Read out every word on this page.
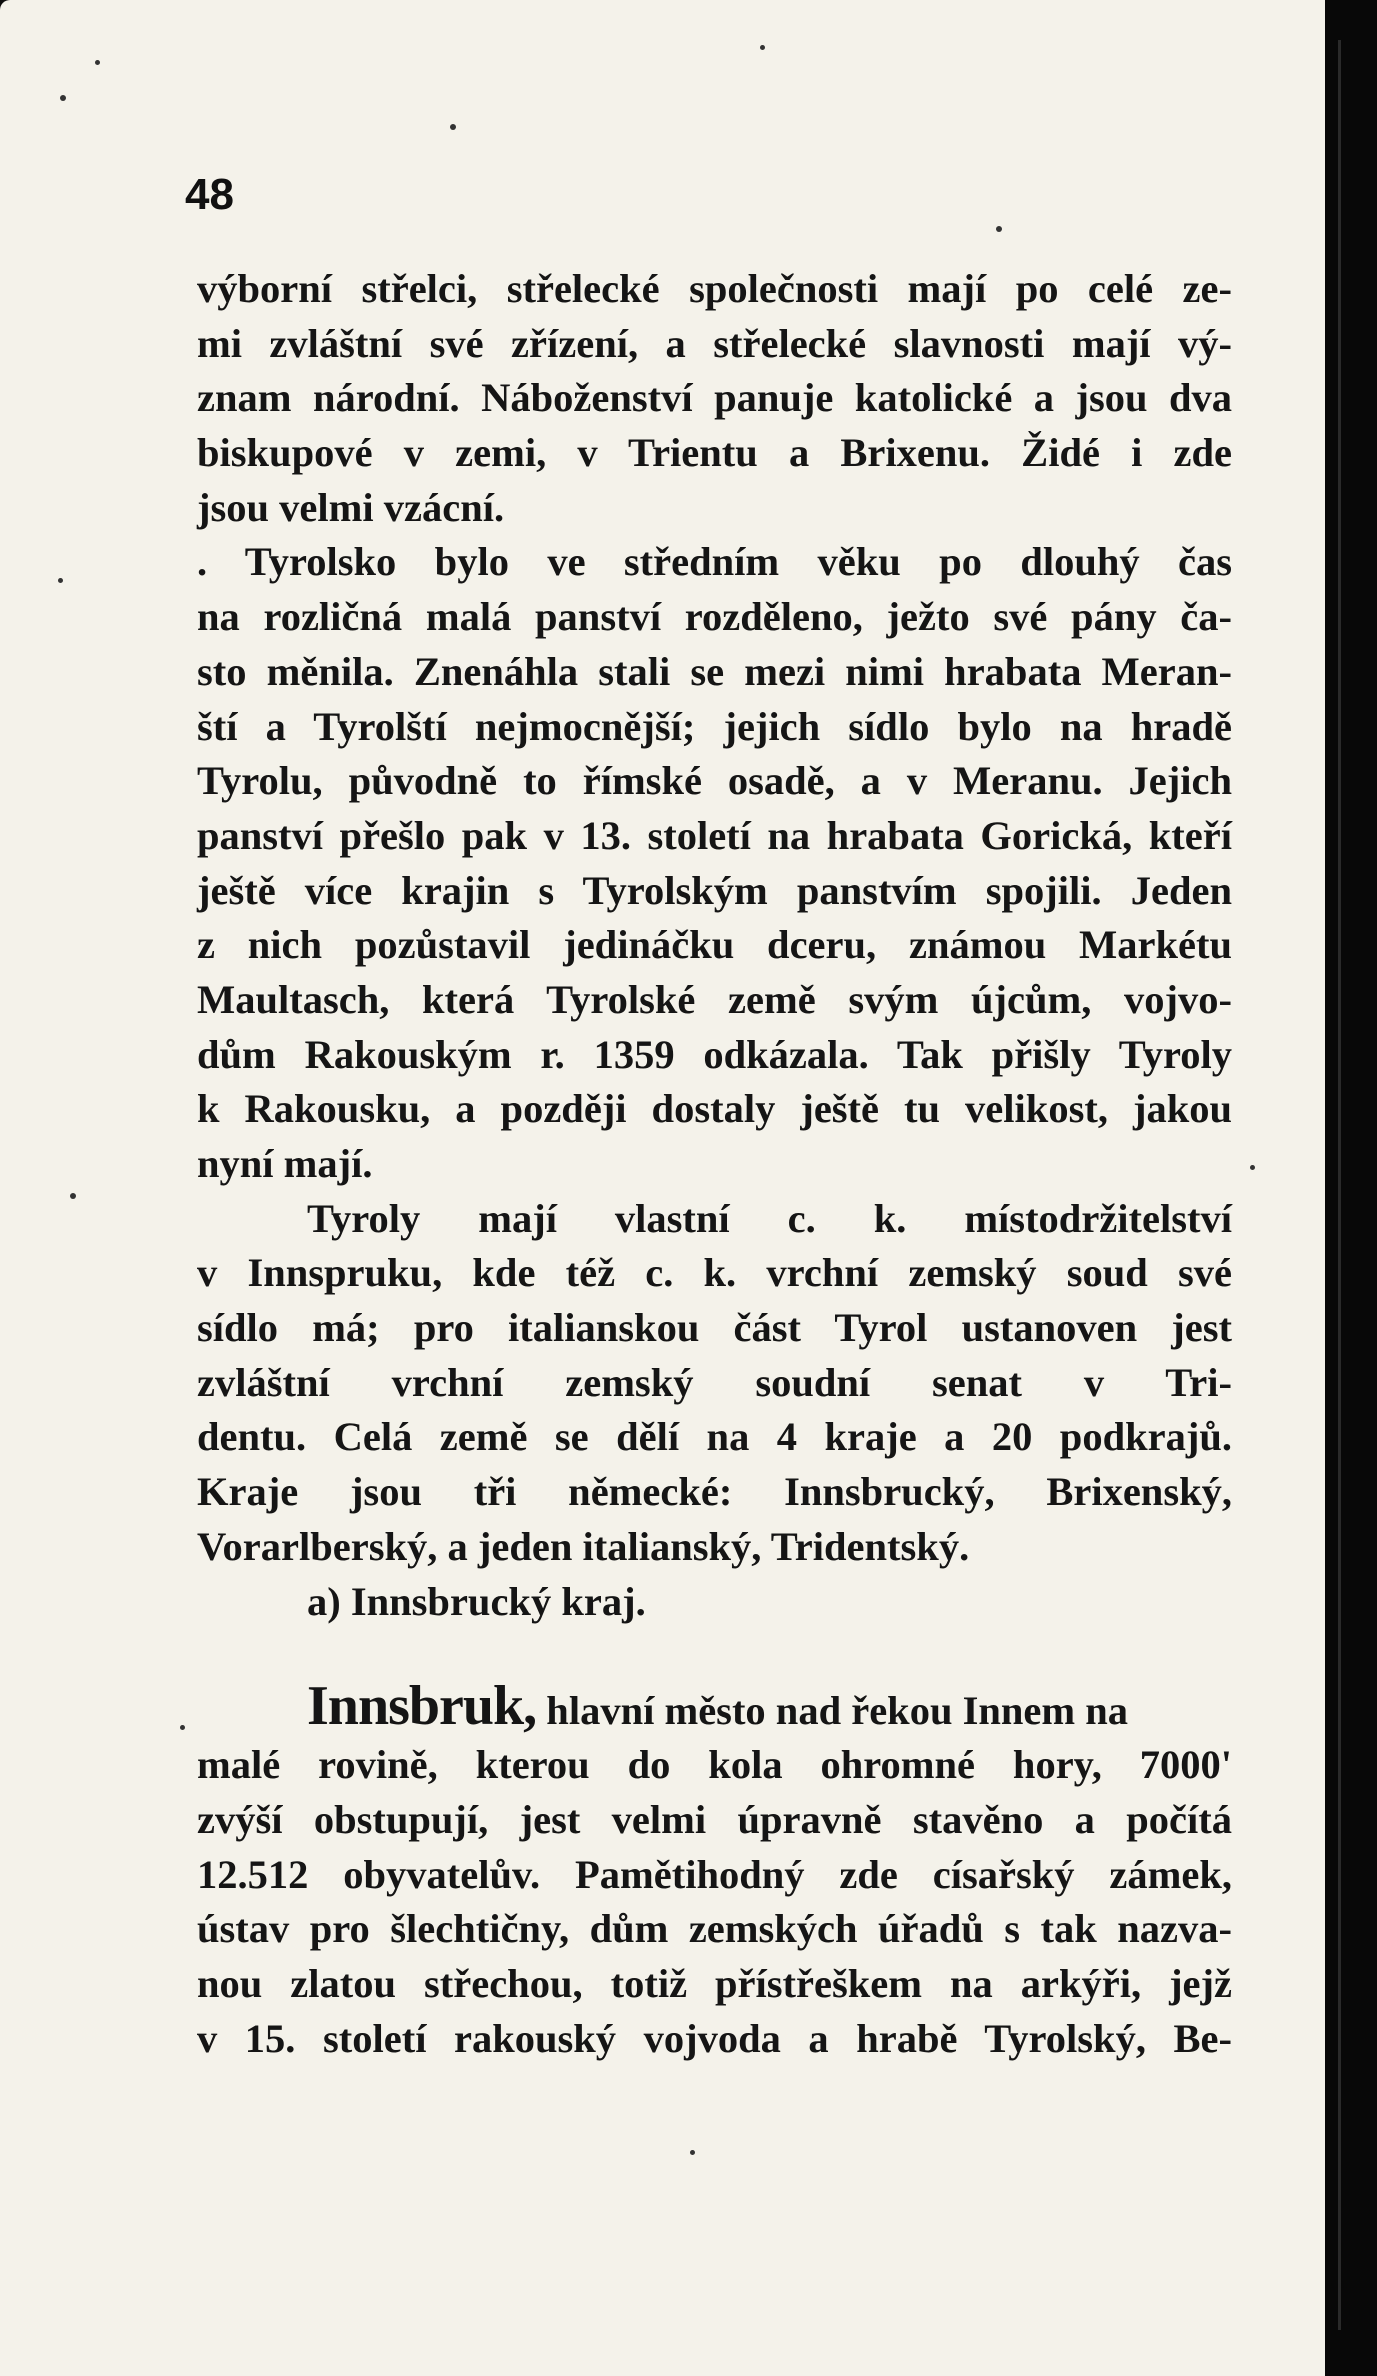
48
výborní střelci, střelecké společnosti mají po celé ze-
mi zvláštní své zřízení, a střelecké slavnosti mají vý-
znam národní. Náboženství panuje katolické a jsou dva
biskupové v zemi, v Trientu a Brixenu. Židé i zde
jsou velmi vzácní.
. Tyrolsko bylo ve středním věku po dlouhý čas
na rozličná malá panství rozděleno, ježto své pány ča-
sto měnila. Znenáhla stali se mezi nimi hrabata Meran-
ští a Tyrolští nejmocnější; jejich sídlo bylo na hradě
Tyrolu, původně to římské osadě, a v Meranu. Jejich
panství přešlo pak v 13. století na hrabata Gorická, kteří
ještě více krajin s Tyrolským panstvím spojili. Jeden
z nich pozůstavil jedináčku dceru, známou Markétu
Maultasch, která Tyrolské země svým újcům, vojvo-
dům Rakouským r. 1359 odkázala. Tak přišly Tyroly
k Rakousku, a později dostaly ještě tu velikost, jakou
nyní mají.
Tyroly mají vlastní c. k. místodržitelství
v Innspruku, kde též c. k. vrchní zemský soud své
sídlo má; pro italianskou část Tyrol ustanoven jest
zvláštní vrchní zemský soudní senat v Tri-
dentu. Celá země se dělí na 4 kraje a 20 podkrajů.
Kraje jsou tři německé: Innsbrucký, Brixenský,
Vorarlberský, a jeden italianský, Tridentský.
a) Innsbrucký kraj.
Innsbruk, hlavní město nad řekou Innem na
malé rovině, kterou do kola ohromné hory, 7000'
zvýší obstupují, jest velmi úpravně stavěno a počítá
12.512 obyvatelův. Pamětihodný zde císařský zámek,
ústav pro šlechtičny, dům zemských úřadů s tak nazva-
nou zlatou střechou, totiž přístřeškem na arkýři, jejž
v 15. století rakouský vojvoda a hrabě Tyrolský, Be-
